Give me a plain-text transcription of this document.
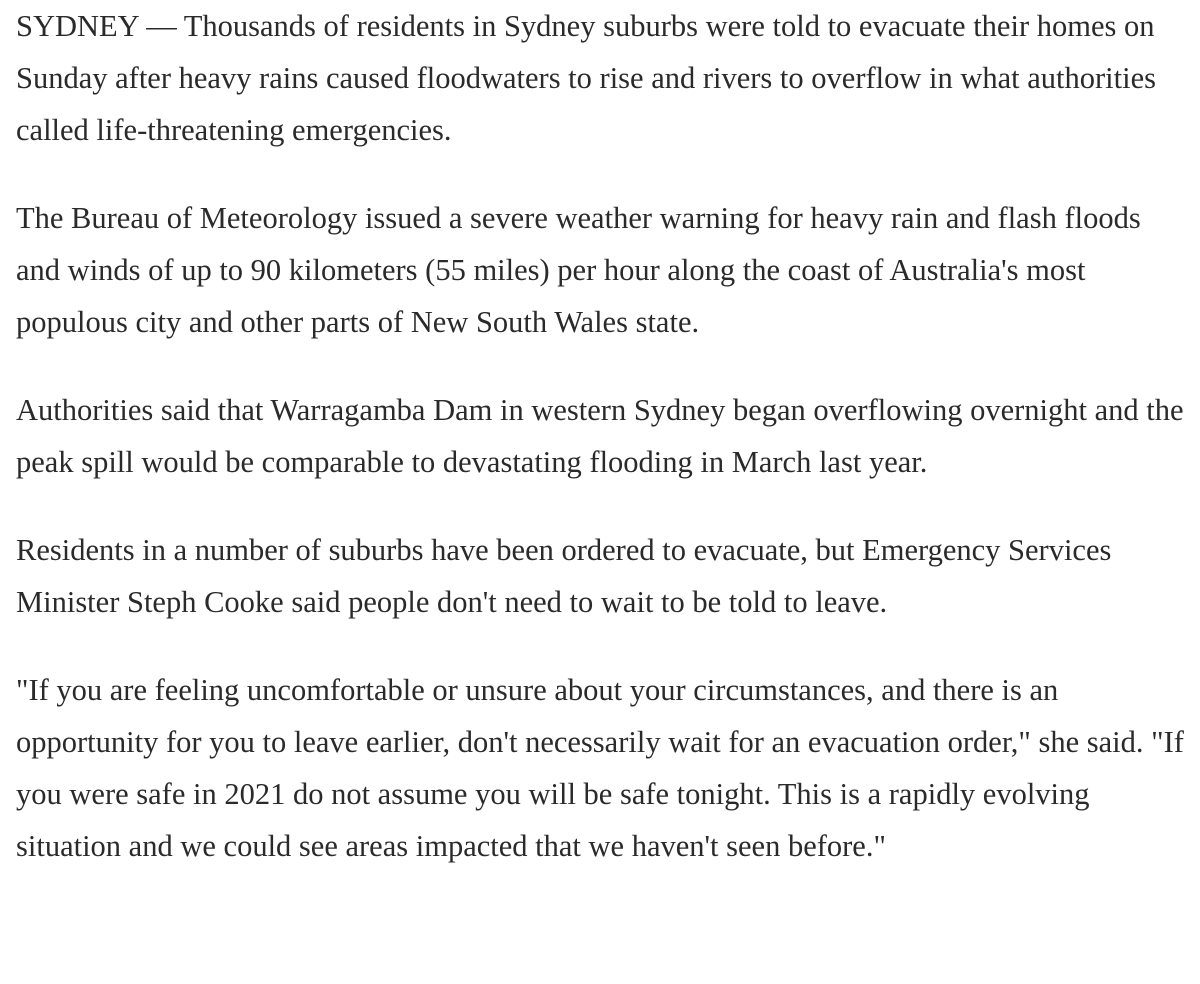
SYDNEY — Thousands of residents in Sydney suburbs were told to evacuate their homes on Sunday after heavy rains caused floodwaters to rise and rivers to overflow in what authorities called life-threatening emergencies.

The Bureau of Meteorology issued a severe weather warning for heavy rain and flash floods and winds of up to 90 kilometers (55 miles) per hour along the coast of Australia's most populous city and other parts of New South Wales state.

Authorities said that Warragamba Dam in western Sydney began overflowing overnight and the peak spill would be comparable to devastating flooding in March last year.

Residents in a number of suburbs have been ordered to evacuate, but Emergency Services Minister Steph Cooke said people don't need to wait to be told to leave.

"If you are feeling uncomfortable or unsure about your circumstances, and there is an opportunity for you to leave earlier, don't necessarily wait for an evacuation order," she said. "If you were safe in 2021 do not assume you will be safe tonight. This is a rapidly evolving situation and we could see areas impacted that we haven't seen before."
